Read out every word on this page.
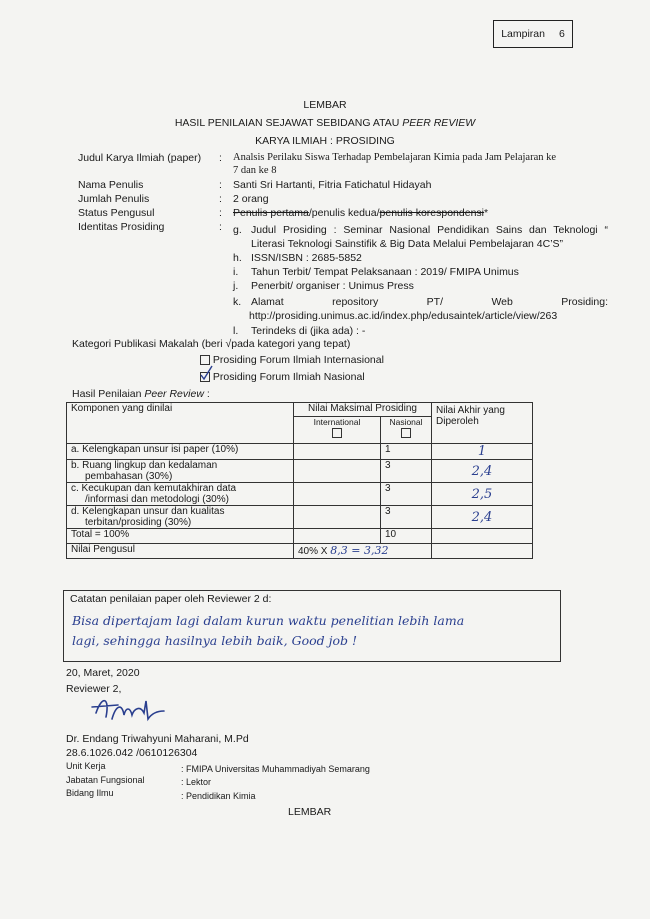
Lampiran 6
LEMBAR
HASIL PENILAIAN SEJAWAT SEBIDANG ATAU PEER REVIEW
KARYA ILMIAH : PROSIDING
Judul Karya Ilmiah (paper) : Analsis Perilaku Siswa Terhadap Pembelajaran Kimia pada Jam Pelajaran ke
7 dan ke 8
Nama Penulis	: Santi Sri Hartanti, Fitria Fatichatul Hidayah
Jumlah Penulis	: 2 orang
Status Pengusul	: Penulis pertama/penulis kedua/penulis korespondensi*
Identitas Prosiding	: g. Judul Prosiding : Seminar Nasional Pendidikan Sains dan Teknologi “
Literasi Teknologi Sainstifik & Big Data Melalui Pembelajaran 4C’S”
h. ISSN/ISBN : 2685-5852
i. Tahun Terbit/ Tempat Pelaksanaan : 2019/ FMIPA Unimus
j. Penerbit/ organiser : Unimus Press
k. Alamat	repository	PT/	Web	Prosiding:
http://prosiding.unimus.ac.id/index.php/edusaintek/article/view/263
l. Terindeks di (jika ada) : -
Kategori Publikasi Makalah (beri √pada kategori yang tepat)
Prosiding Forum Ilmiah Internasional
Prosiding Forum Ilmiah Nasional
Hasil Penilaian Peer Review :
Komponen yang dinilai	Nilai Maksimal Prosiding		Nilai Akhir yang
Diperoleh

	International	Nasional	

a. Kelengkapan unsur isi paper (10%)		1	1

b. Ruang lingkup dan kedalaman
pembahasan (30%)		3	2,4

c. Kecukupan dan kemutakhiran data
/informasi dan metodologi (30%)		3	2,5

d. Kelengkapan unsur dan kualitas
terbitan/prosiding (30%)		3	2,4
Total = 100%		10	
Nilai Pengusul	40% X 8,3 = 3,32		
Catatan penilaian paper oleh Reviewer 2 d:
Bisa dipertajam lagi dalam kurun waktu penelitian lebih lama
lagi, sehingga hasilnya lebih baik, Good job !
20, Maret, 2020
Reviewer 2,
Dr. Endang Triwahyuni Maharani, M.Pd
28.6.1026.042 /0610126304
Unit Kerja	: FMIPA Universitas Muhammadiyah Semarang
Jabatan Fungsional	: Lektor
Bidang Ilmu	: Pendidikan Kimia
LEMBAR
